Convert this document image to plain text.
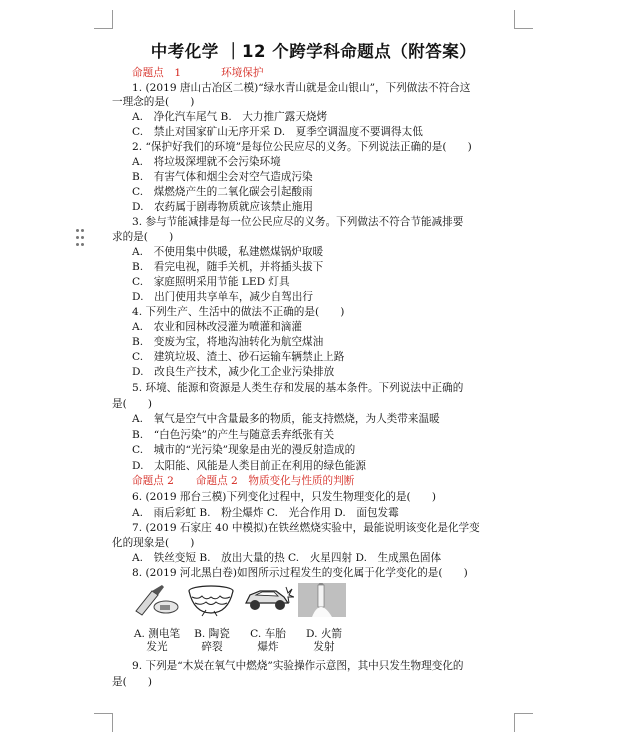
中考化学 ｜12 个跨学科命题点（附答案）
命题点　1	环境保护
1. (2019 唐山古冶区二模)“绿水青山就是金山银山”，下列做法不符合这
一理念的是(　　)
A.　净化汽车尾气 B.　大力推广露天烧烤
C.　禁止对国家矿山无序开采 D.　夏季空调温度不要调得太低
2. “保护好我们的环境”是每位公民应尽的义务。下列说法正确的是(　　)
A.　将垃圾深埋就不会污染环境
B.　有害气体和烟尘会对空气造成污染
C.　煤燃烧产生的二氧化碳会引起酸雨
D.　农药属于剧毒物质就应该禁止施用
3. 参与节能减排是每一位公民应尽的义务。下列做法不符合节能减排要
求的是(　　)
A.　不使用集中供暖，私建燃煤锅炉取暖
B.　看完电视，随手关机，并将插头拔下
C.　家庭照明采用节能 LED 灯具
D.　出门使用共享单车，减少自驾出行
4. 下列生产、生活中的做法不正确的是(　　)
A.　农业和园林改浸灌为喷灌和滴灌
B.　变废为宝，将地沟油转化为航空煤油
C.　建筑垃圾、渣土、砂石运输车辆禁止上路
D.　改良生产技术，减少化工企业污染排放
5. 环境、能源和资源是人类生存和发展的基本条件。下列说法中正确的
是(　　)
A.　氧气是空气中含量最多的物质，能支持燃烧，为人类带来温暖
B.　“白色污染”的产生与随意丢弃纸张有关
C.　城市的“光污染”现象是由光的漫反射造成的
D.　太阳能、风能是人类目前正在利用的绿色能源
命题点 2 命题点 2　物质变化与性质的判断
6. (2019 邢台三模)下列变化过程中，只发生物理变化的是(　　)
A.　雨后彩虹 B.　粉尘爆炸 C.　光合作用 D.　面包发霉
7. (2019 石家庄 40 中模拟)在铁丝燃烧实验中，最能说明该变化是化学变
化的现象是(　　)
A.　铁丝变短 B.　放出大量的热 C.　火星四射 D.　生成黑色固体
8. (2019 河北黑白卷)如图所示过程发生的变化属于化学变化的是(　　)
A. 测电笔
发光
B. 陶瓷
碎裂
C. 车胎
爆炸
D. 火箭
发射
9. 下列是“木炭在氧气中燃烧”实验操作示意图，其中只发生物理变化的
是(　　)
